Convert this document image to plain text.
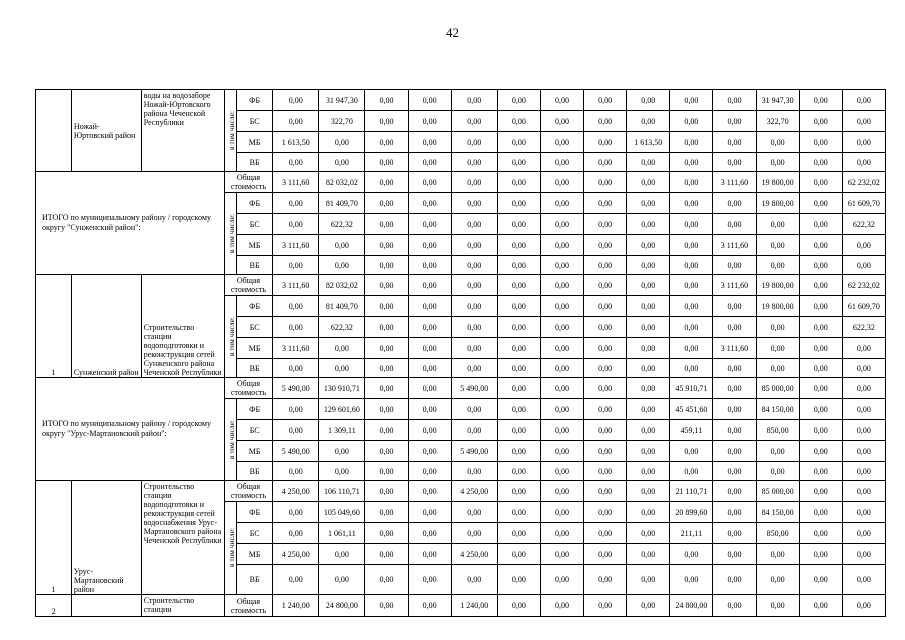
42
	Ножай-Юртовский район	воды на водозаборе Ножай-Юртовского района Чеченской Республики	в том числе:	ФБ	0,00	31 947,30	0,00	0,00	0,00	0,00	0,00	0,00	0,00	0,00	0,00	31 947,30	0,00	0,00
				БС	0,00	322,70	0,00	0,00	0,00	0,00	0,00	0,00	0,00	0,00	0,00	322,70	0,00	0,00
				МБ	1 613,50	0,00	0,00	0,00	0,00	0,00	0,00	0,00	1 613,50	0,00	0,00	0,00	0,00	0,00
				ВБ	0,00	0,00	0,00	0,00	0,00	0,00	0,00	0,00	0,00	0,00	0,00	0,00	0,00	0,00
ИТОГО по муниципальному району / городскому округу "Сунженский район":			Общая стоимость		3 111,60	82 032,02	0,00	0,00	0,00	0,00	0,00	0,00	0,00	0,00	3 111,60	19 800,00	0,00	62 232,02

			в том числе:	ФБ	0,00	81 409,70	0,00	0,00	0,00	0,00	0,00	0,00	0,00	0,00	0,00	19 800,00	0,00	61 609,70
				БС	0,00	622,32	0,00	0,00	0,00	0,00	0,00	0,00	0,00	0,00	0,00	0,00	0,00	622,32
				МБ	3 111,60	0,00	0,00	0,00	0,00	0,00	0,00	0,00	0,00	0,00	3 111,60	0,00	0,00	0,00
				ВБ	0,00	0,00	0,00	0,00	0,00	0,00	0,00	0,00	0,00	0,00	0,00	0,00	0,00	0,00
1	Сунженский район	Строительство станции водоподготовки и реконструкция сетей Сунженского района Чеченской Республики	Общая стоимость		3 111,60	82 032,02	0,00	0,00	0,00	0,00	0,00	0,00	0,00	0,00	3 111,60	19 800,00	0,00	62 232,02

			в том числе:	ФБ	0,00	81 409,70	0,00	0,00	0,00	0,00	0,00	0,00	0,00	0,00	0,00	19 800,00	0,00	61 609,70
				БС	0,00	622,32	0,00	0,00	0,00	0,00	0,00	0,00	0,00	0,00	0,00	0,00	0,00	622,32
				МБ	3 111,60	0,00	0,00	0,00	0,00	0,00	0,00	0,00	0,00	0,00	3 111,60	0,00	0,00	0,00
				ВБ	0,00	0,00	0,00	0,00	0,00	0,00	0,00	0,00	0,00	0,00	0,00	0,00	0,00	0,00
ИТОГО по муниципальному району / городскому округу "Урус-Мартановский район":			Общая стоимость		5 490,00	130 910,71	0,00	0,00	5 490,00	0,00	0,00	0,00	0,00	45 910,71	0,00	85 000,00	0,00	0,00

			в том числе:	ФБ	0,00	129 601,60	0,00	0,00	0,00	0,00	0,00	0,00	0,00	45 451,60	0,00	84 150,00	0,00	0,00
				БС	0,00	1 309,11	0,00	0,00	0,00	0,00	0,00	0,00	0,00	459,11	0,00	850,00	0,00	0,00
				МБ	5 490,00	0,00	0,00	0,00	5 490,00	0,00	0,00	0,00	0,00	0,00	0,00	0,00	0,00	0,00
				ВБ	0,00	0,00	0,00	0,00	0,00	0,00	0,00	0,00	0,00	0,00	0,00	0,00	0,00	0,00
1	Урус-Мартановский район	Строительство станции водоподготовки и реконструкция сетей водоснабжения Урус-Мартановского района Чеченской Республики	Общая стоимость		4 250,00	106 110,71	0,00	0,00	4 250,00	0,00	0,00	0,00	0,00	21 110,71	0,00	85 000,00	0,00	0,00

			в том числе:	ФБ	0,00	105 049,60	0,00	0,00	0,00	0,00	0,00	0,00	0,00	20 899,60	0,00	84 150,00	0,00	0,00
				БС	0,00	1 061,11	0,00	0,00	0,00	0,00	0,00	0,00	0,00	211,11	0,00	850,00	0,00	0,00
				МБ	4 250,00	0,00	0,00	0,00	4 250,00	0,00	0,00	0,00	0,00	0,00	0,00	0,00	0,00	0,00
				ВБ	0,00	0,00	0,00	0,00	0,00	0,00	0,00	0,00	0,00	0,00	0,00	0,00	0,00	0,00
2		Строительство станции	Общая стоимость		1 240,00	24 800,00	0,00	0,00	1 240,00	0,00	0,00	0,00	0,00	24 800,00	0,00	0,00	0,00	0,00
